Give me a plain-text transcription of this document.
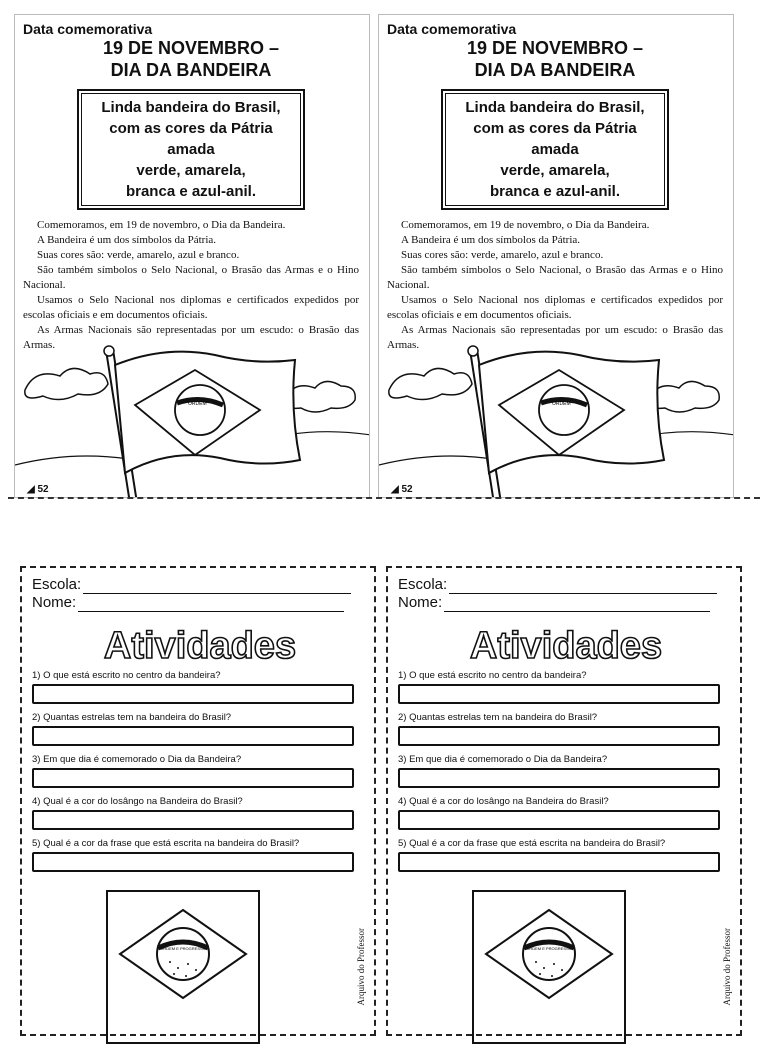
Data comemorativa

19 DE NOVEMBRO –

DIA DA BANDEIRA

Linda bandeira do Brasil,
com as cores da Pátria amada
verde, amarela,
branca e azul-anil.

Comemoramos, em 19 de novembro, o Dia da Bandeira.

A Bandeira é um dos símbolos da Pátria.

Suas cores são: verde, amarelo, azul e branco.

São também símbolos o Selo Nacional, o Brasão das Armas e o Hino Nacional.

Usamos o Selo Nacional nos diplomas e certificados expedidos por escolas oficiais e em documentos oficiais.

As Armas Nacionais são representadas por um escudo: o Brasão das Armas.

ORDEM
◢ 52

Data comemorativa

19 DE NOVEMBRO –

DIA DA BANDEIRA

Linda bandeira do Brasil,
com as cores da Pátria amada
verde, amarela,
branca e azul-anil.

Comemoramos, em 19 de novembro, o Dia da Bandeira.

A Bandeira é um dos símbolos da Pátria.

Suas cores são: verde, amarelo, azul e branco.

São também símbolos o Selo Nacional, o Brasão das Armas e o Hino Nacional.

Usamos o Selo Nacional nos diplomas e certificados expedidos por escolas oficiais e em documentos oficiais.

As Armas Nacionais são representadas por um escudo: o Brasão das Armas.

ORDEM
◢ 52
Escola:
Nome:
Atividades
1) O que está escrito no centro da bandeira?
2) Quantas estrelas tem na bandeira do Brasil?
3) Em que dia é comemorado o Dia da Bandeira?
4) Qual é a cor do losângo na Bandeira do Brasil?
5) Qual é a cor da frase que está escrita na bandeira do Brasil?
ORDEM E PROGRESSO	Arquivo do Professor
Escola:
Nome:
Atividades
1) O que está escrito no centro da bandeira?
2) Quantas estrelas tem na bandeira do Brasil?
3) Em que dia é comemorado o Dia da Bandeira?
4) Qual é a cor do losângo na Bandeira do Brasil?
5) Qual é a cor da frase que está escrita na bandeira do Brasil?
ORDEM E PROGRESSO	Arquivo do Professor
